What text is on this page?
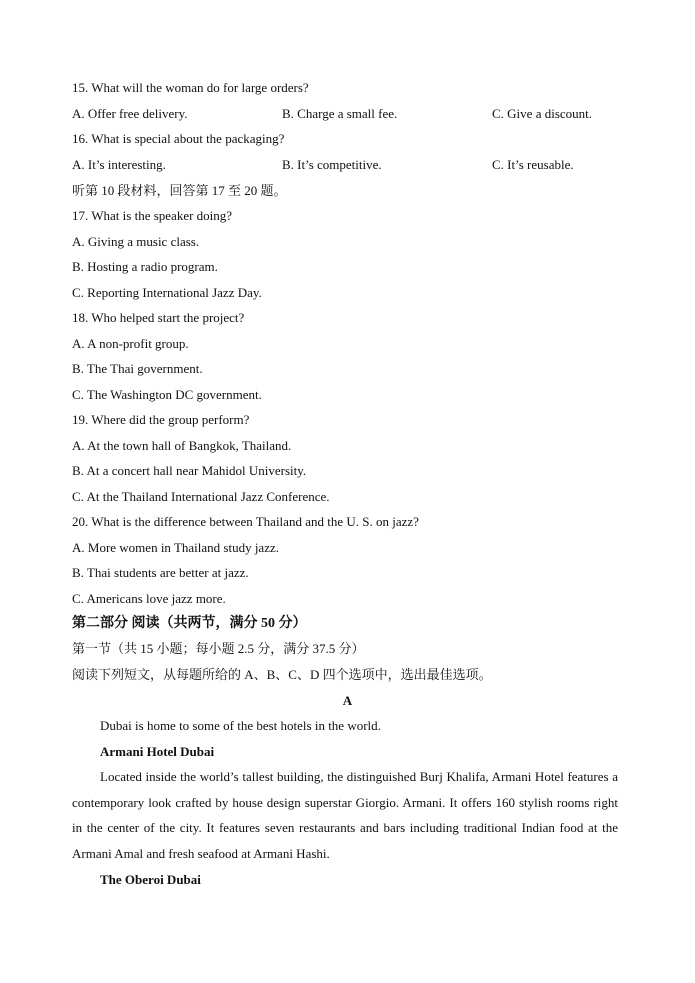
15. What will the woman do for large orders?
A. Offer free delivery.	B. Charge a small fee.	C. Give a discount.
16. What is special about the packaging?
A. It’s interesting.	B. It’s competitive.	C. It’s reusable.
听第 10 段材料，回答第 17 至 20 题。
17. What is the speaker doing?
A. Giving a music class.
B. Hosting a radio program.
C. Reporting International Jazz Day.
18. Who helped start the project?
A. A non-profit group.
B. The Thai government.
C. The Washington DC government.
19. Where did the group perform?
A. At the town hall of Bangkok, Thailand.
B. At a concert hall near Mahidol University.
C. At the Thailand International Jazz Conference.
20. What is the difference between Thailand and the U. S. on jazz?
A. More women in Thailand study jazz.
B. Thai students are better at jazz.
C. Americans love jazz more.
第二部分 阅读（共两节，满分 50 分）
第一节（共 15 小题；每小题 2.5 分，满分 37.5 分）
阅读下列短文，从每题所给的 A、B、C、D 四个选项中，选出最佳选项。
A
Dubai is home to some of the best hotels in the world.
Armani Hotel Dubai
Located inside the world’s tallest building, the distinguished Burj Khalifa, Armani Hotel features a contemporary look crafted by house design superstar Giorgio. Armani. It offers 160 stylish rooms right in the center of the city. It features seven restaurants and bars including traditional Indian food at the Armani Amal and fresh seafood at Armani Hashi.
The Oberoi Dubai
